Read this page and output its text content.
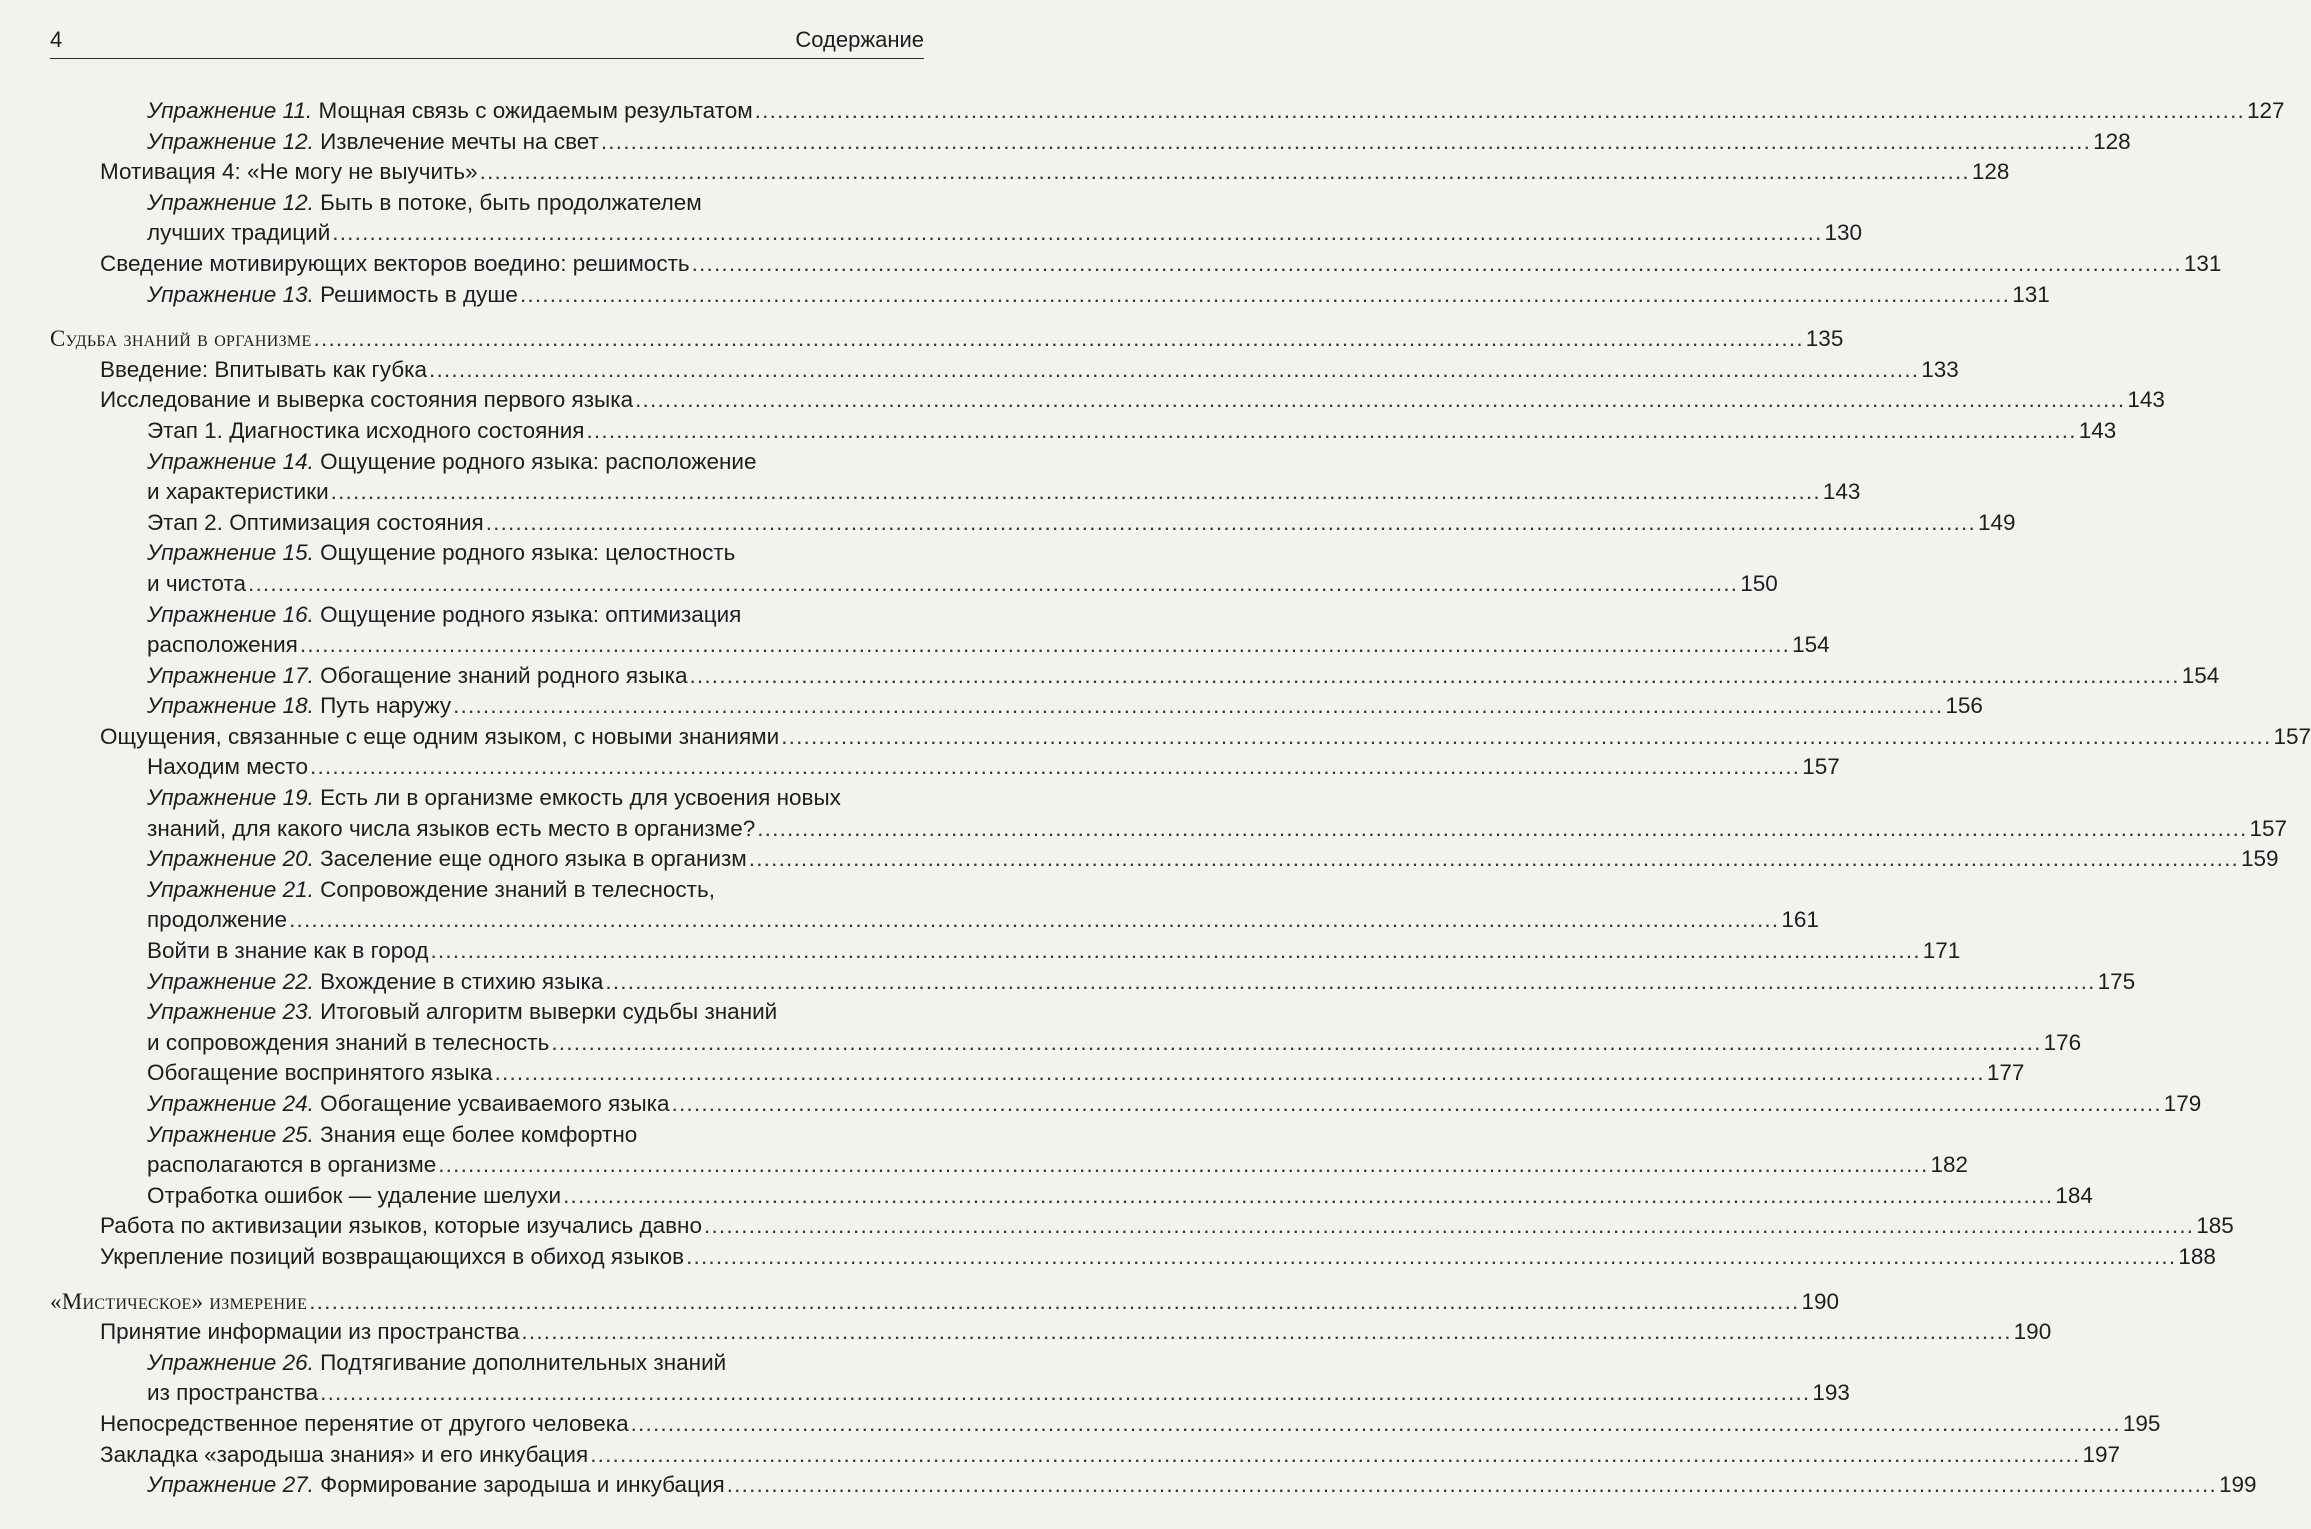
4	Содержание
Упражнение 11. Мощная связь с ожидаемым результатом ........................................................................................................................................................................................................ 127
Упражнение 12. Извлечение мечты на свет ........................................................................................................................................................................................................ 128
Мотивация 4: «Не могу не выучить» ........................................................................................................................................................................................................ 128
Упражнение 12. Быть в потоке, быть продолжателем
лучших традиций ........................................................................................................................................................................................................ 130
Сведение мотивирующих векторов воедино: решимость ........................................................................................................................................................................................................ 131
Упражнение 13. Решимость в душе ........................................................................................................................................................................................................ 131
Судьба знаний в организме ........................................................................................................................................................................................................ 135
Введение: Впитывать как губка ........................................................................................................................................................................................................ 133
Исследование и выверка состояния первого языка ........................................................................................................................................................................................................ 143
Этап 1. Диагностика исходного состояния ........................................................................................................................................................................................................ 143
Упражнение 14. Ощущение родного языка: расположение
и характеристики ........................................................................................................................................................................................................ 143
Этап 2. Оптимизация состояния ........................................................................................................................................................................................................ 149
Упражнение 15. Ощущение родного языка: целостность
и чистота ........................................................................................................................................................................................................ 150
Упражнение 16. Ощущение родного языка: оптимизация
расположения ........................................................................................................................................................................................................ 154
Упражнение 17. Обогащение знаний родного языка ........................................................................................................................................................................................................ 154
Упражнение 18. Путь наружу ........................................................................................................................................................................................................ 156
Ощущения, связанные с еще одним языком, с новыми знаниями ........................................................................................................................................................................................................ 157
Находим место ........................................................................................................................................................................................................ 157
Упражнение 19. Есть ли в организме емкость для усвоения новых
знаний, для какого числа языков есть место в организме? ........................................................................................................................................................................................................ 157
Упражнение 20. Заселение еще одного языка в организм ........................................................................................................................................................................................................ 159
Упражнение 21. Сопровождение знаний в телесность,
продолжение ........................................................................................................................................................................................................ 161
Войти в знание как в город ........................................................................................................................................................................................................ 171
Упражнение 22. Вхождение в стихию языка ........................................................................................................................................................................................................ 175
Упражнение 23. Итоговый алгоритм выверки судьбы знаний
и сопровождения знаний в телесность ........................................................................................................................................................................................................ 176
Обогащение воспринятого языка ........................................................................................................................................................................................................ 177
Упражнение 24. Обогащение усваиваемого языка ........................................................................................................................................................................................................ 179
Упражнение 25. Знания еще более комфортно
располагаются в организме ........................................................................................................................................................................................................ 182
Отработка ошибок — удаление шелухи ........................................................................................................................................................................................................ 184
Работа по активизации языков, которые изучались давно ........................................................................................................................................................................................................ 185
Укрепление позиций возвращающихся в обиход языков ........................................................................................................................................................................................................ 188
«Мистическое» измерение ........................................................................................................................................................................................................ 190
Принятие информации из пространства ........................................................................................................................................................................................................ 190
Упражнение 26. Подтягивание дополнительных знаний
из пространства ........................................................................................................................................................................................................ 193
Непосредственное перенятие от другого человека ........................................................................................................................................................................................................ 195
Закладка «зародыша знания» и его инкубация ........................................................................................................................................................................................................ 197
Упражнение 27. Формирование зародыша и инкубация ........................................................................................................................................................................................................ 199
